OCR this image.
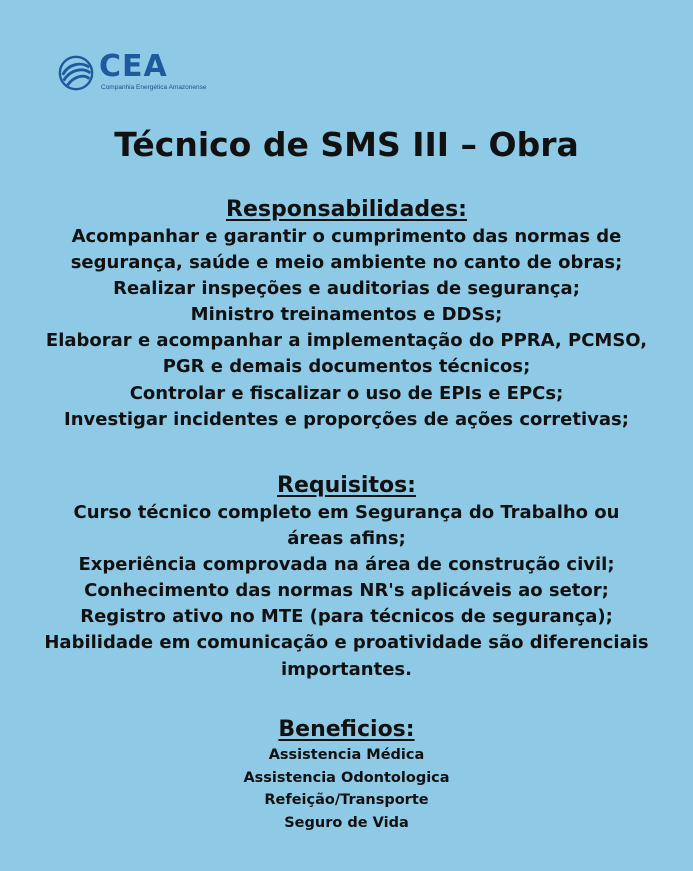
CEA
Companhia Energética Amazonense
Técnico de SMS III – Obra

Responsabilidades:

Acompanhar e garantir o cumprimento das normas de

segurança, saúde e meio ambiente no canto de obras;

Realizar inspeções e auditorias de segurança;

Ministro treinamentos e DDSs;

Elaborar e acompanhar a implementação do PPRA, PCMSO,

PGR e demais documentos técnicos;

Controlar e fiscalizar o uso de EPIs e EPCs;

Investigar incidentes e proporções de ações corretivas;

Requisitos:

Curso técnico completo em Segurança do Trabalho ou

áreas afins;

Experiência comprovada na área de construção civil;

Conhecimento das normas NR's aplicáveis ao setor;

Registro ativo no MTE (para técnicos de segurança);

Habilidade em comunicação e proatividade são diferenciais

importantes.

Beneficios:

Assistencia Médica

Assistencia Odontologica

Refeição/Transporte

Seguro de Vida
